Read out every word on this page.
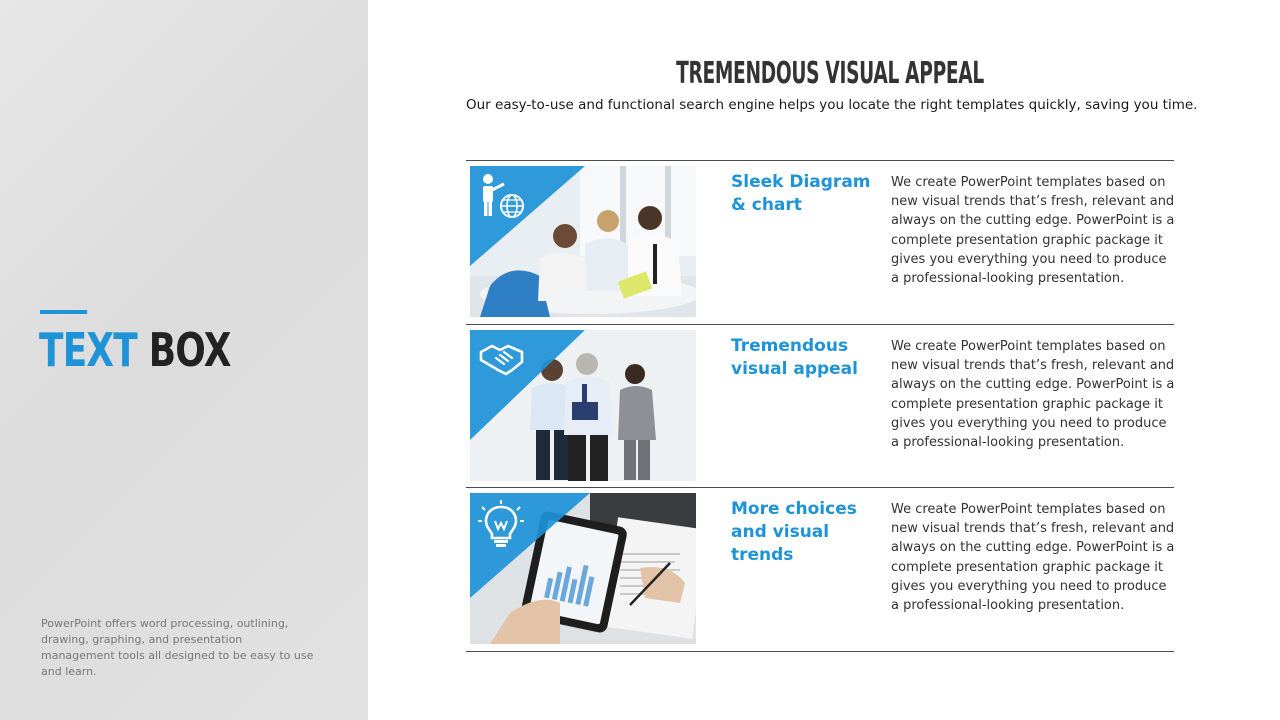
TEXT BOX
PowerPoint offers word processing, outlining, drawing, graphing, and presentation management tools all designed to be easy to use and learn.
TREMENDOUS VISUAL APPEAL
Our easy-to-use and functional search engine helps you locate the right templates quickly, saving you time.
Sleek Diagram & chart
We create PowerPoint templates based on new visual trends that’s fresh, relevant and always on the cutting edge. PowerPoint is a complete presentation graphic package it gives you everything you need to produce a professional-looking presentation.
Tremendous visual appeal
We create PowerPoint templates based on new visual trends that’s fresh, relevant and always on the cutting edge. PowerPoint is a complete presentation graphic package it gives you everything you need to produce a professional-looking presentation.
More choices and visual trends
We create PowerPoint templates based on new visual trends that’s fresh, relevant and always on the cutting edge. PowerPoint is a complete presentation graphic package it gives you everything you need to produce a professional-looking presentation.
